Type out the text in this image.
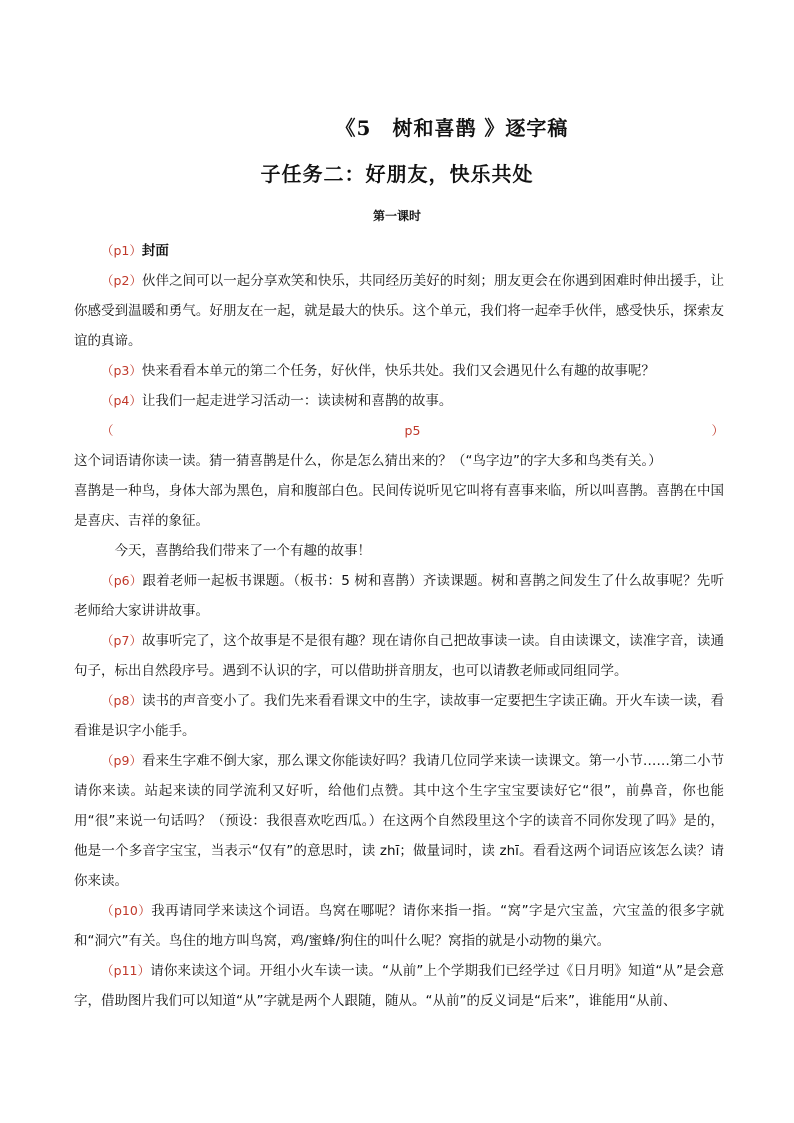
《5　树和喜鹊 》逐字稿
子任务二：好朋友，快乐共处
第一课时

（p1）封面

（p2）伙伴之间可以一起分享欢笑和快乐，共同经历美好的时刻；朋友更会在你遇到困难时伸出援手，让你感受到温暖和勇气。好朋友在一起，就是最大的快乐。这个单元，我们将一起牵手伙伴，感受快乐，探索友谊的真谛。

（p3）快来看看本单元的第二个任务，好伙伴，快乐共处。我们又会遇见什么有趣的故事呢？

（p4）让我们一起走进学习活动一：读读树和喜鹊的故事。

（p5）这个词语请你读一读。猜一猜喜鹊是什么，你是怎么猜出来的？（“鸟字边”的字大多和鸟类有关。）

喜鹊是一种鸟，身体大部为黑色，肩和腹部白色。民间传说听见它叫将有喜事来临，所以叫喜鹊。喜鹊在中国是喜庆、吉祥的象征。

今天，喜鹊给我们带来了一个有趣的故事！

（p6）跟着老师一起板书课题。（板书：5 树和喜鹊）齐读课题。树和喜鹊之间发生了什么故事呢？先听老师给大家讲讲故事。

（p7）故事听完了，这个故事是不是很有趣？现在请你自己把故事读一读。自由读课文，读准字音，读通句子，标出自然段序号。遇到不认识的字，可以借助拼音朋友，也可以请教老师或同组同学。

（p8）读书的声音变小了。我们先来看看课文中的生字，读故事一定要把生字读正确。开火车读一读，看看谁是识字小能手。

（p9）看来生字难不倒大家，那么课文你能读好吗？我请几位同学来读一读课文。第一小节……第二小节请你来读。站起来读的同学流利又好听，给他们点赞。其中这个生字宝宝要读好它“很”，前鼻音，你也能用“很”来说一句话吗？（预设：我很喜欢吃西瓜。）在这两个自然段里这个字的读音不同你发现了吗》是的，他是一个多音字宝宝，当表示“仅有”的意思时，读 zhī；做量词时，读 zhī。看看这两个词语应该怎么读？请你来读。

（p10）我再请同学来读这个词语。鸟窝在哪呢？请你来指一指。“窝”字是穴宝盖，穴宝盖的很多字就和“洞穴”有关。鸟住的地方叫鸟窝，鸡/蜜蜂/狗住的叫什么呢？窝指的就是小动物的巢穴。

（p11）请你来读这个词。开组小火车读一读。“从前”上个学期我们已经学过《日月明》知道“从”是会意字，借助图片我们可以知道“从”字就是两个人跟随，随从。“从前”的反义词是“后来”，谁能用“从前、
